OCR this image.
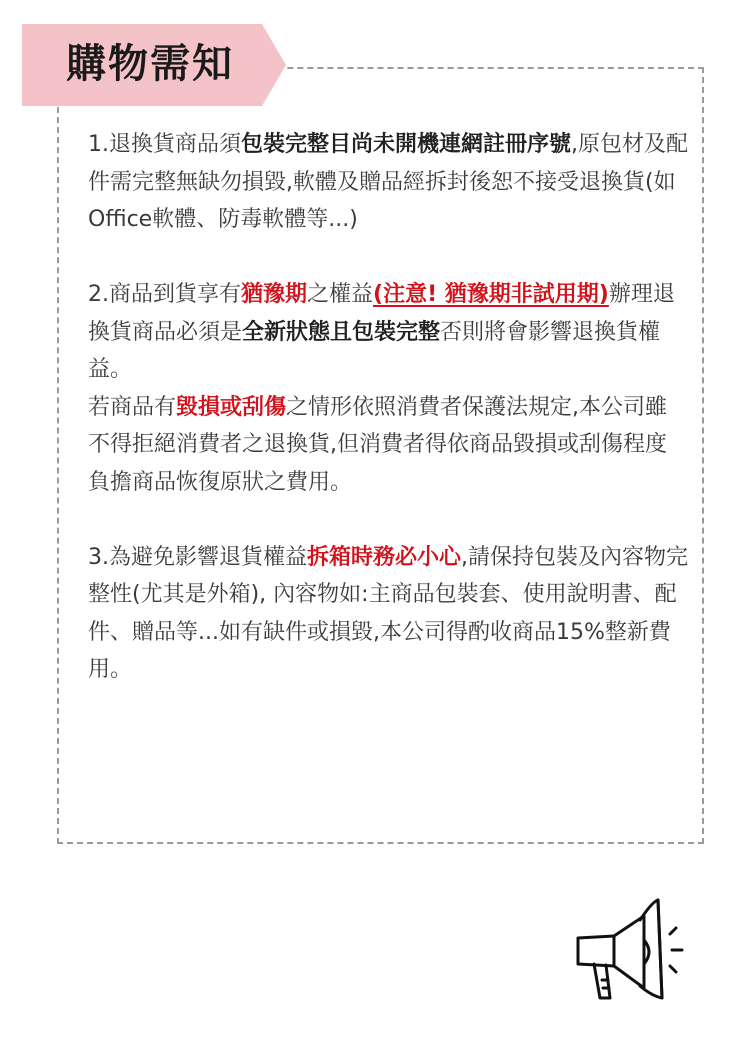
購物需知

1.退換貨商品須包裝完整目尚未開機連網註冊序號,原包材及配件需完整無缺勿損毀,軟體及贈品經拆封後恕不接受退換貨(如Office軟體、防毒軟體等...)

2.商品到貨享有猶豫期之權益(注意! 猶豫期非試用期)辦理退換貨商品必須是全新狀態且包裝完整否則將會影響退換貨權益。

若商品有毀損或刮傷之情形依照消費者保護法規定,本公司雖不得拒絕消費者之退換貨,但消費者得依商品毀損或刮傷程度負擔商品恢復原狀之費用。

3.為避免影響退貨權益拆箱時務必小心,請保持包裝及內容物完整性(尤其是外箱), 內容物如:主商品包裝套、使用說明書、配件、贈品等...如有缺件或損毀,本公司得酌收商品15%整新費用。
